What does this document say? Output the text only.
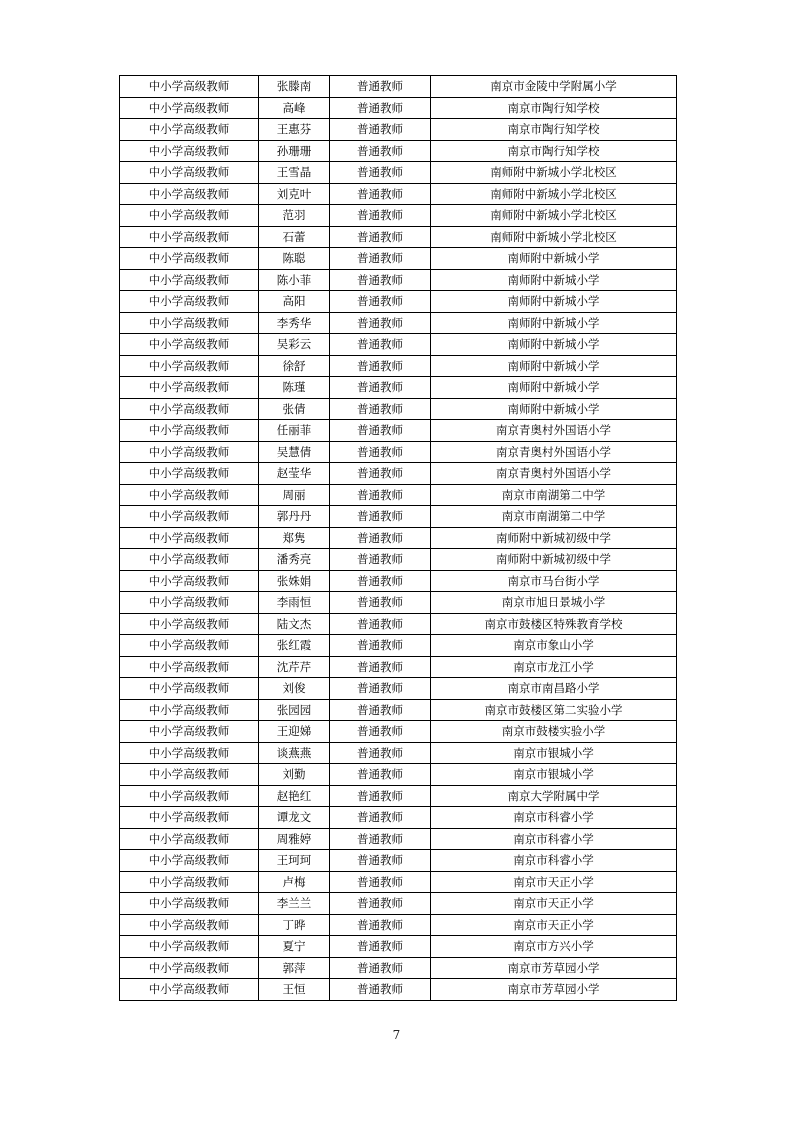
中小学高级教师	张滕南	普通教师	南京市金陵中学附属小学
中小学高级教师	高峰	普通教师	南京市陶行知学校
中小学高级教师	王惠芬	普通教师	南京市陶行知学校
中小学高级教师	孙珊珊	普通教师	南京市陶行知学校
中小学高级教师	王雪晶	普通教师	南师附中新城小学北校区
中小学高级教师	刘克叶	普通教师	南师附中新城小学北校区
中小学高级教师	范羽	普通教师	南师附中新城小学北校区
中小学高级教师	石蕾	普通教师	南师附中新城小学北校区
中小学高级教师	陈聪	普通教师	南师附中新城小学
中小学高级教师	陈小菲	普通教师	南师附中新城小学
中小学高级教师	高阳	普通教师	南师附中新城小学
中小学高级教师	李秀华	普通教师	南师附中新城小学
中小学高级教师	吴彩云	普通教师	南师附中新城小学
中小学高级教师	徐舒	普通教师	南师附中新城小学
中小学高级教师	陈瑾	普通教师	南师附中新城小学
中小学高级教师	张倩	普通教师	南师附中新城小学
中小学高级教师	任丽菲	普通教师	南京青奥村外国语小学
中小学高级教师	吴慧倩	普通教师	南京青奥村外国语小学
中小学高级教师	赵莹华	普通教师	南京青奥村外国语小学
中小学高级教师	周丽	普通教师	南京市南湖第二中学
中小学高级教师	郭丹丹	普通教师	南京市南湖第二中学
中小学高级教师	郑隽	普通教师	南师附中新城初级中学
中小学高级教师	潘秀亮	普通教师	南师附中新城初级中学
中小学高级教师	张姝娟	普通教师	南京市马台街小学
中小学高级教师	李雨恒	普通教师	南京市旭日景城小学
中小学高级教师	陆文杰	普通教师	南京市鼓楼区特殊教育学校
中小学高级教师	张红霞	普通教师	南京市象山小学
中小学高级教师	沈芹芹	普通教师	南京市龙江小学
中小学高级教师	刘俊	普通教师	南京市南昌路小学
中小学高级教师	张园园	普通教师	南京市鼓楼区第二实验小学
中小学高级教师	王迎娣	普通教师	南京市鼓楼实验小学
中小学高级教师	谈燕燕	普通教师	南京市银城小学
中小学高级教师	刘勤	普通教师	南京市银城小学
中小学高级教师	赵艳红	普通教师	南京大学附属中学
中小学高级教师	谭龙文	普通教师	南京市科睿小学
中小学高级教师	周雅婷	普通教师	南京市科睿小学
中小学高级教师	王珂珂	普通教师	南京市科睿小学
中小学高级教师	卢梅	普通教师	南京市天正小学
中小学高级教师	李兰兰	普通教师	南京市天正小学
中小学高级教师	丁晔	普通教师	南京市天正小学
中小学高级教师	夏宁	普通教师	南京市方兴小学
中小学高级教师	郭萍	普通教师	南京市芳草园小学
中小学高级教师	王恒	普通教师	南京市芳草园小学
7
